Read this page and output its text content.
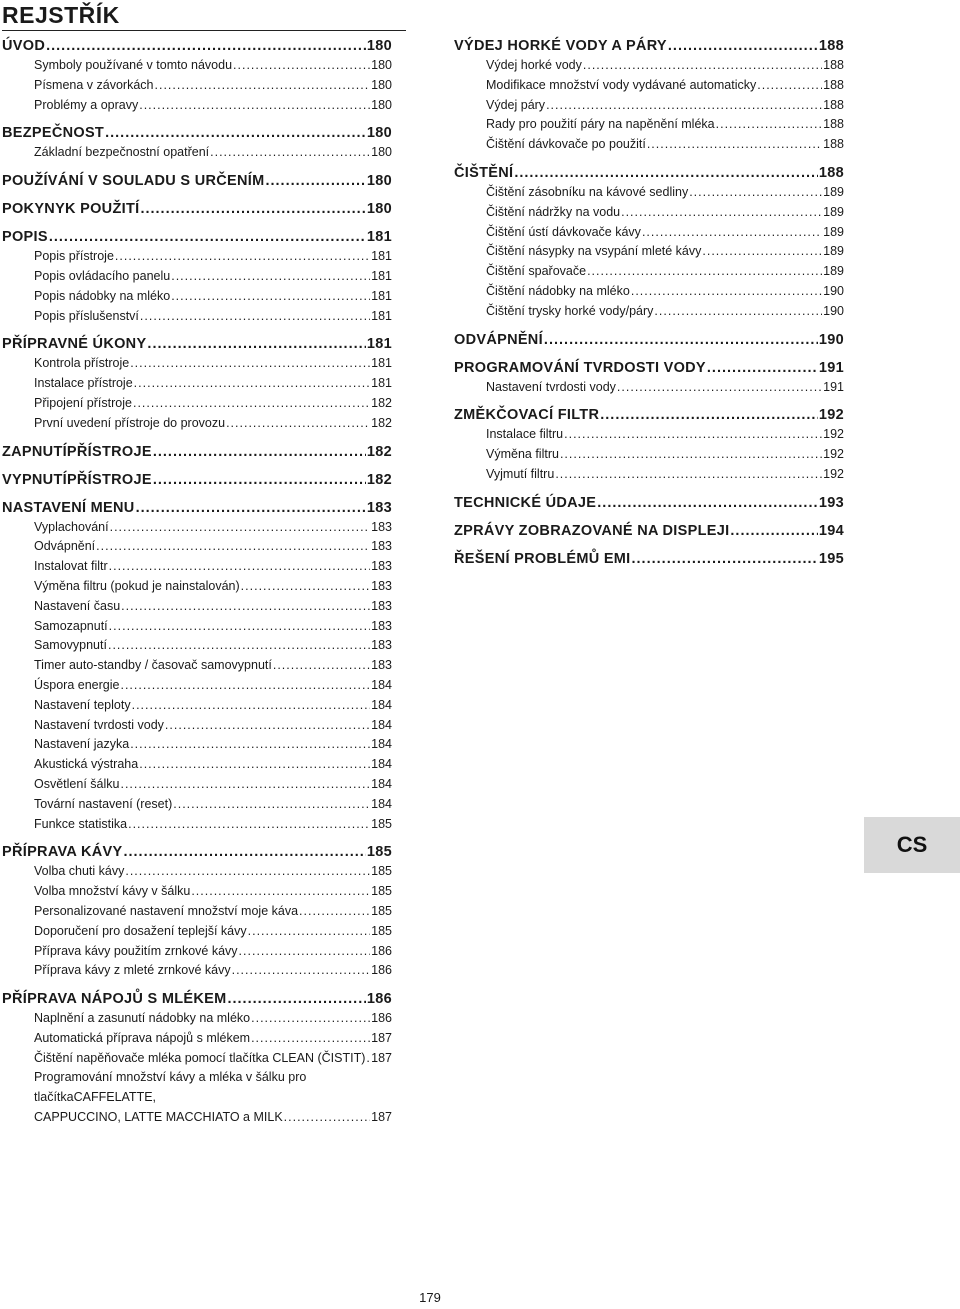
REJSTŘÍK
ÚVOD .....	180
Symboly používané v tomto návodu .....	180
Písmena v závorkách .....	180
Problémy a opravy .....	180
BEZPEČNOST .....	180
Základní bezpečnostní opatření .....	180
POUŽÍVÁNÍ V SOULADU S URČENÍM .....	180
POKYNYK POUŽITÍ .....	180
POPIS .....	181
Popis přístroje .....	181
Popis ovládacího panelu .....	181
Popis nádobky na mléko .....	181
Popis příslušenství .....	181
PŘÍPRAVNÉ ÚKONY .....	181
Kontrola přístroje .....	181
Instalace přístroje .....	181
Připojení přístroje .....	182
První uvedení přístroje do provozu .....	182
ZAPNUTÍPŘÍSTROJE .....	182
VYPNUTÍPŘÍSTROJE .....	182
NASTAVENÍ MENU .....	183
Vyplachování .....	183
Odvápnění .....	183
Instalovat filtr .....	183
Výměna filtru (pokud je nainstalován) .....	183
Nastavení času .....	183
Samozapnutí .....	183
Samovypnutí .....	183
Timer auto-standby / časovač samovypnutí .....	183
Úspora energie .....	184
Nastavení teploty .....	184
Nastavení tvrdosti vody .....	184
Nastavení jazyka .....	184
Akustická výstraha .....	184
Osvětlení šálku .....	184
Tovární nastavení (reset) .....	184
Funkce statistika .....	185
PŘÍPRAVA KÁVY .....	185
Volba chuti kávy .....	185
Volba množství kávy v šálku .....	185
Personalizované nastavení množství moje káva .....	185
Doporučení pro dosažení teplejší kávy .....	185
Příprava kávy použitím zrnkové kávy .....	186
Příprava kávy z mleté zrnkové kávy .....	186
PŘÍPRAVA NÁPOJŮ S MLÉKEM .....	186
Naplnění a zasunutí nádobky na mléko .....	186
Automatická příprava nápojů s mlékem .....	187
Čištění napěňovače mléka pomocí tlačítka CLEAN (ČISTIT) ..... 187
Programování množství kávy a mléka v šálku pro tlačítkaCAFFELATTE,
CAPPUCCINO, LATTE MACCHIATO a MILK .....	187
VÝDEJ HORKÉ VODY A PÁRY .....	188
Výdej horké vody .....	188
Modifikace množství vody vydávané automaticky .....	188
Výdej páry .....	188
Rady pro použití páry na napěnění mléka .....	188
Čištění dávkovače po použití .....	188
ČIŠTĚNÍ .....	188
Čištění zásobníku na kávové sedliny .....	189
Čištění nádržky na vodu .....	189
Čištění ústí dávkovače kávy .....	189
Čištění násypky na vsypání mleté kávy .....	189
Čištění spařovače .....	189
Čištění nádobky na mléko .....	190
Čištění trysky horké vody/páry .....	190
ODVÁPNĚNÍ .....	190
PROGRAMOVÁNÍ TVRDOSTI VODY .....	191
Nastavení tvrdosti vody .....	191
ZMĚKČOVACÍ FILTR .....	192
Instalace filtru .....	192
Výměna filtru .....	192
Vyjmutí filtru .....	192
TECHNICKÉ ÚDAJE .....	193
ZPRÁVY ZOBRAZOVANÉ NA DISPLEJI .....	194
ŘEŠENÍ PROBLÉMŮ EMI .....	195
CS
179
